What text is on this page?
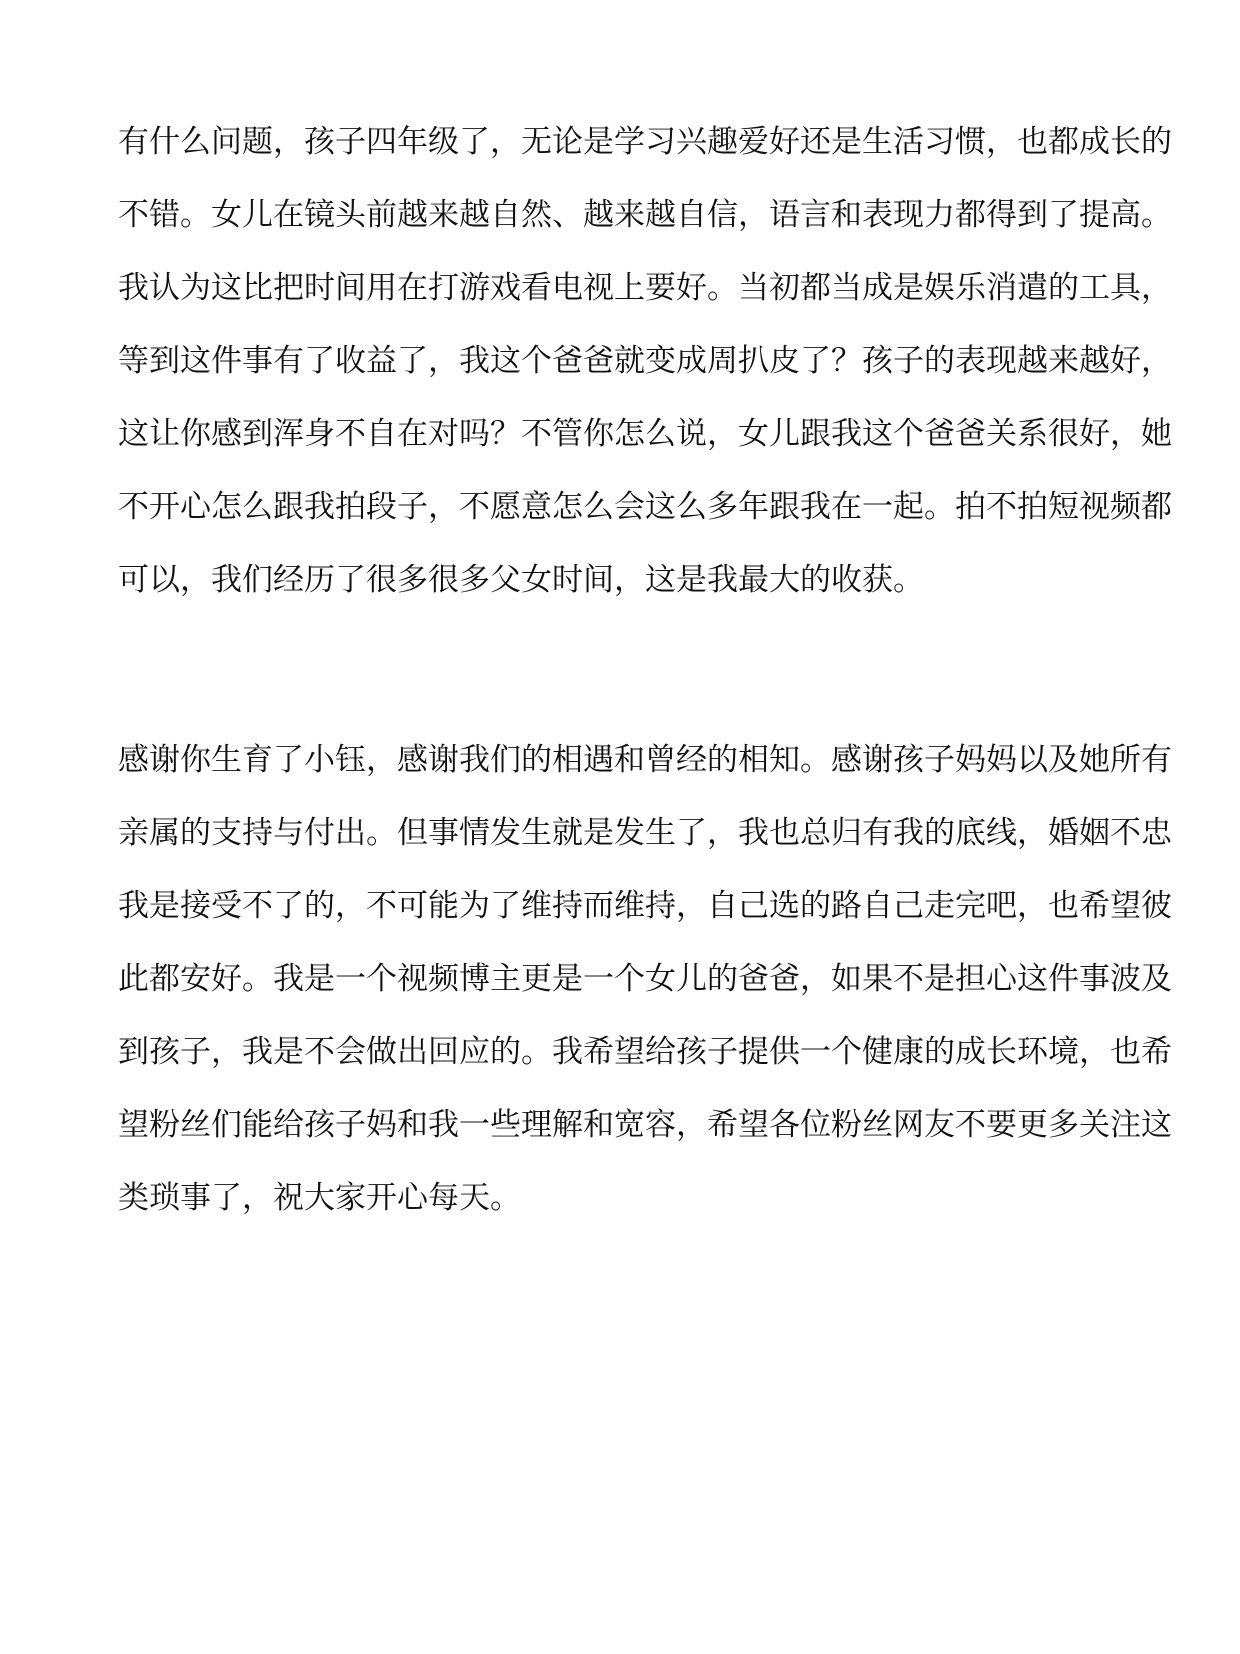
有什么问题，孩子四年级了，无论是学习兴趣爱好还是生活习惯，也都成长的
不错。女儿在镜头前越来越自然、越来越自信，语言和表现力都得到了提高。
我认为这比把时间用在打游戏看电视上要好。当初都当成是娱乐消遣的工具，
等到这件事有了收益了，我这个爸爸就变成周扒皮了？孩子的表现越来越好，
这让你感到浑身不自在对吗？不管你怎么说，女儿跟我这个爸爸关系很好，她
不开心怎么跟我拍段子，不愿意怎么会这么多年跟我在一起。拍不拍短视频都
可以，我们经历了很多很多父女时间，这是我最大的收获。
感谢你生育了小钰，感谢我们的相遇和曾经的相知。感谢孩子妈妈以及她所有
亲属的支持与付出。但事情发生就是发生了，我也总归有我的底线，婚姻不忠
我是接受不了的，不可能为了维持而维持，自己选的路自己走完吧，也希望彼
此都安好。我是一个视频博主更是一个女儿的爸爸，如果不是担心这件事波及
到孩子，我是不会做出回应的。我希望给孩子提供一个健康的成长环境，也希
望粉丝们能给孩子妈和我一些理解和宽容，希望各位粉丝网友不要更多关注这
类琐事了，祝大家开心每天。
